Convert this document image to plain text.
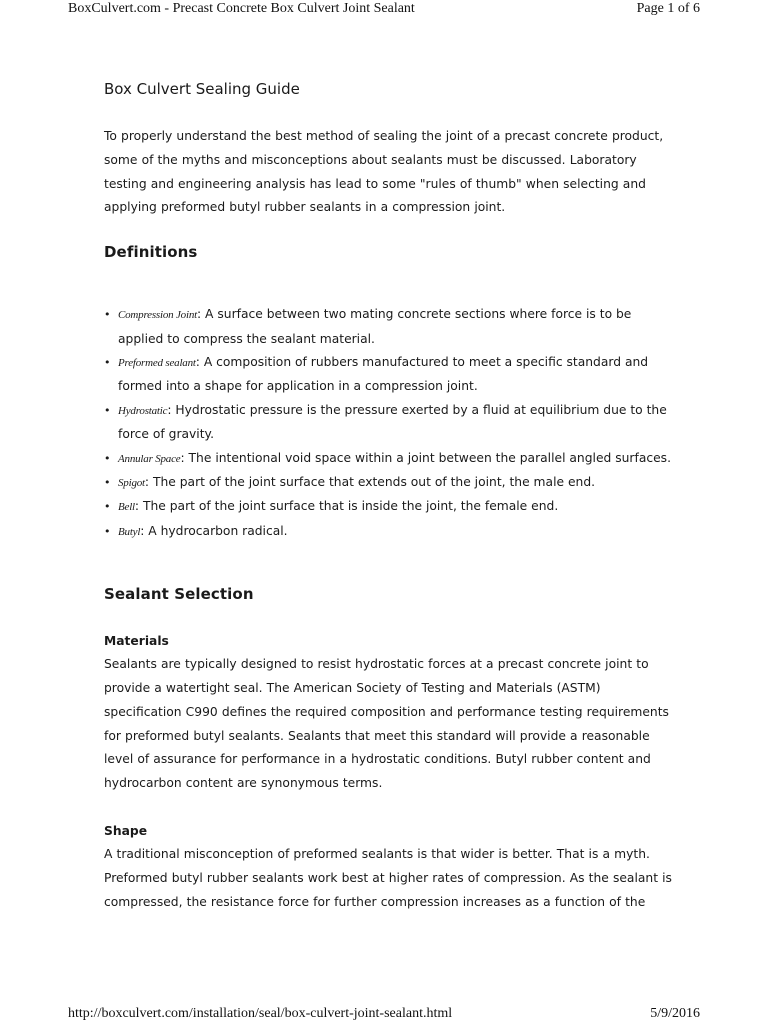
BoxCulvert.com - Precast Concrete Box Culvert Joint Sealant	Page 1 of 6
Box Culvert Sealing Guide

To properly understand the best method of sealing the joint of a precast concrete product, some of the myths and misconceptions about sealants must be discussed. Laboratory testing and engineering analysis has lead to some "rules of thumb" when selecting and applying preformed butyl rubber sealants in a compression joint.

Definitions
• Compression Joint: A surface between two mating concrete sections where force is to be applied to compress the sealant material.
• Preformed sealant: A composition of rubbers manufactured to meet a specific standard and formed into a shape for application in a compression joint.
• Hydrostatic: Hydrostatic pressure is the pressure exerted by a fluid at equilibrium due to the force of gravity.
• Annular Space: The intentional void space within a joint between the parallel angled surfaces.
• Spigot: The part of the joint surface that extends out of the joint, the male end.
• Bell: The part of the joint surface that is inside the joint, the female end.
• Butyl: A hydrocarbon radical.
Sealant Selection
Materials

Sealants are typically designed to resist hydrostatic forces at a precast concrete joint to provide a watertight seal. The American Society of Testing and Materials (ASTM) specification C990 defines the required composition and performance testing requirements for preformed butyl sealants. Sealants that meet this standard will provide a reasonable level of assurance for performance in a hydrostatic conditions. Butyl rubber content and hydrocarbon content are synonymous terms.

Shape

A traditional misconception of preformed sealants is that wider is better. That is a myth. Preformed butyl rubber sealants work best at higher rates of compression. As the sealant is compressed, the resistance force for further compression increases as a function of the

http://boxculvert.com/installation/seal/box-culvert-joint-sealant.html	5/9/2016
